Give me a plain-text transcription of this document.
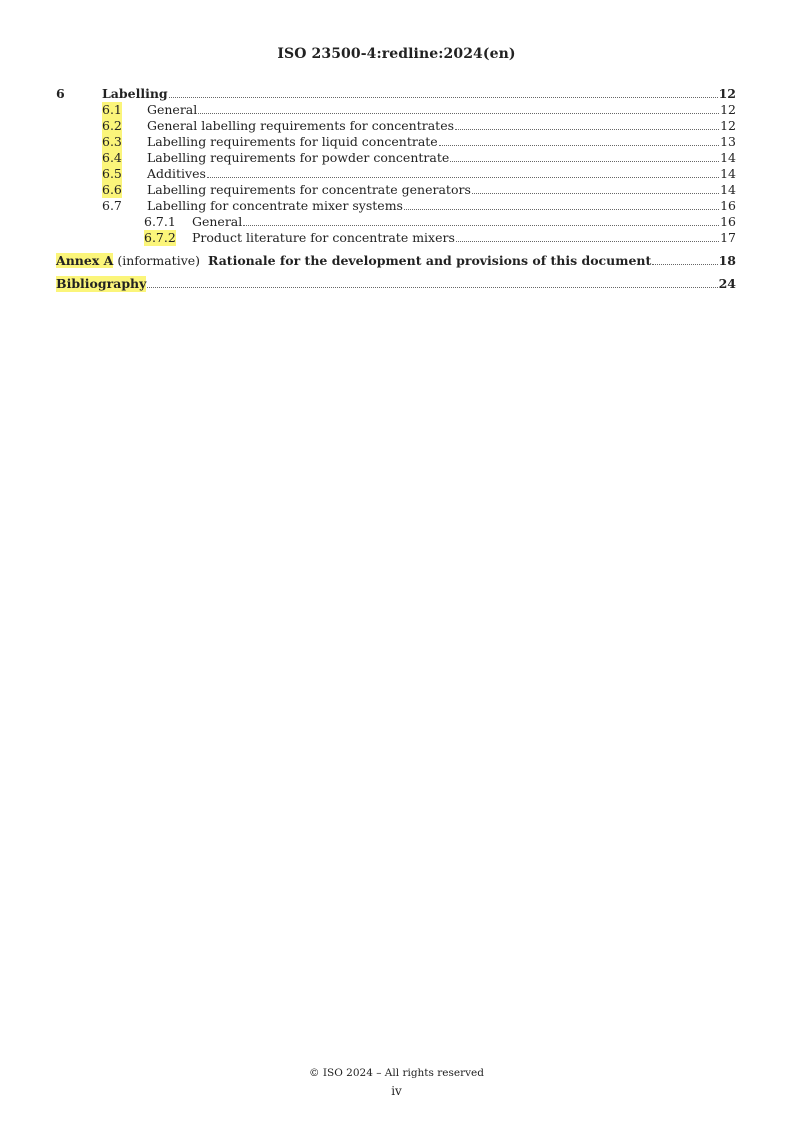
ISO 23500-4:redline:2024(en)
6	Labelling	12
6.1 General	12
6.2 General labelling requirements for concentrates	12
6.3 Labelling requirements for liquid concentrate	13
6.4 Labelling requirements for powder concentrate	14
6.5 Additives	14
6.6 Labelling requirements for concentrate generators	14
6.7 Labelling for concentrate mixer systems	16
6.7.1 General	16
6.7.2 Product literature for concentrate mixers	17
Annex A (informative) Rationale for the development and provisions of this document	18
Bibliography	24
© ISO 2024 – All rights reserved
iv
